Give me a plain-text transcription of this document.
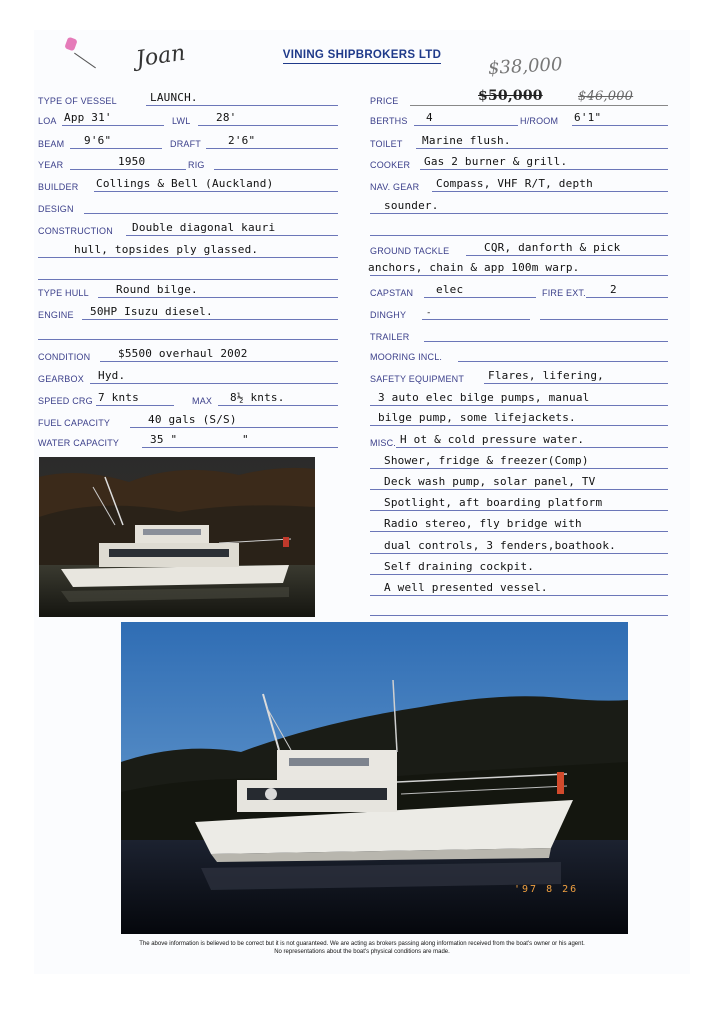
VINING SHIPBROKERS LTD
Joan
TYPE OF VESSEL	LAUNCH.
LOA App 31'	LWL 28'
BEAM 9'6"	DRAFT 2'6"
YEAR	1950	RIG
BUILDER Collings & Bell (Auckland)
DESIGN
CONSTRUCTION Double diagonal kauri
hull, topsides ply glassed.
TYPE HULL Round bilge.
ENGINE 50HP Isuzu diesel.
CONDITION	$5500 overhaul 2002
GEARBOX Hyd.
SPEED CRG 7 knts	MAX 8½ knts.
FUEL CAPACITY	40 gals (S/S)
WATER CAPACITY	35 "	"
PRICE	$50,000	$46,000
$38,000
BERTHS 4	H/ROOM 6'1"
TOILET Marine flush.
COOKER Gas 2 burner & grill.
NAV. GEAR Compass, VHF R/T, depth
sounder.
GROUND TACKLE	CQR, danforth & pick
anchors, chain & app 100m warp.
CAPSTAN elec	FIRE EXT. 2
DINGHY -
TRAILER
MOORING INCL.
SAFETY EQUIPMENT Flares, lifering,
3 auto elec bilge pumps, manual
bilge pump, some lifejackets.
MISC. H ot & cold pressure water.
Shower, fridge & freezer(Comp)
Deck wash pump, solar panel, TV
Spotlight, aft boarding platform
Radio stereo, fly bridge with
dual controls, 3 fenders,boathook.
Self draining cockpit.
A well presented vessel.
'97 8 26
The above information is believed to be correct but it is not guaranteed. We are acting as brokers passing along information received from the boat's owner or his agent.
No representations about the boat's physical conditions are made.
